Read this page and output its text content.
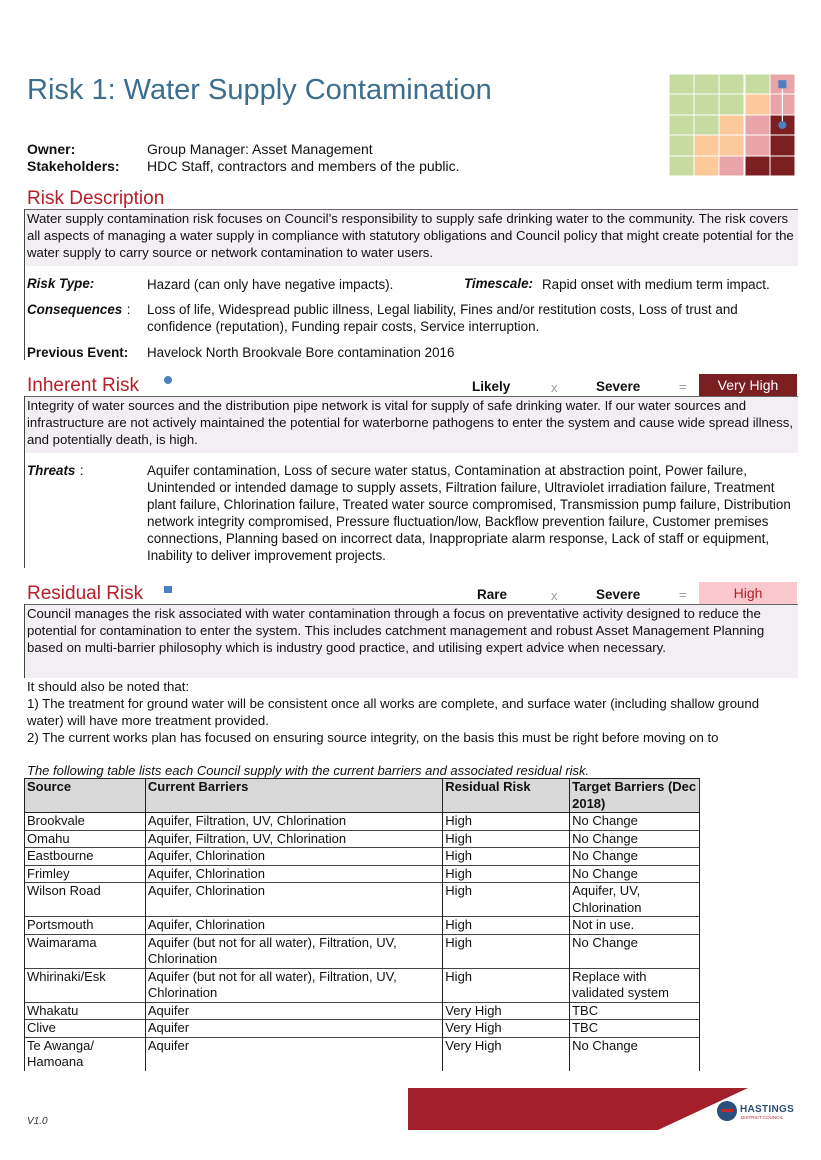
Risk 1: Water Supply Contamination
Owner:	Group Manager: Asset Management
Stakeholders: HDC Staff, contractors and members of the public.
Risk Description
Water supply contamination risk focuses on Council’s responsibility to supply safe drinking water to the community. The risk covers all aspects of managing a water supply in compliance with statutory obligations and Council policy that might create potential for the water supply to carry source or network contamination to water users.
Risk Type:	Hazard (can only have negative impacts).	Timescale: Rapid onset with medium term impact.
Consequences : Loss of life, Widespread public illness, Legal liability, Fines and/or restitution costs, Loss of trust and confidence (reputation), Funding repair costs, Service interruption.
Previous Event: Havelock North Brookvale Bore contamination 2016
Inherent Risk	Likely	x	Severe	=	Very High
Integrity of water sources and the distribution pipe network is vital for supply of safe drinking water. If our water sources and infrastructure are not actively maintained the potential for waterborne pathogens to enter the system and cause wide spread illness, and potentially death, is high.
Threats :	Aquifer contamination, Loss of secure water status, Contamination at abstraction point, Power failure, Unintended or intended damage to supply assets, Filtration failure, Ultraviolet irradiation failure, Treatment plant failure, Chlorination failure, Treated water source compromised, Transmission pump failure, Distribution network integrity compromised, Pressure fluctuation/low, Backflow prevention failure, Customer premises connections, Planning based on incorrect data, Inappropriate alarm response, Lack of staff or equipment, Inability to deliver improvement projects.
Residual Risk	Rare	x	Severe	=	High
Council manages the risk associated with water contamination through a focus on preventative activity designed to reduce the potential for contamination to enter the system. This includes catchment management and robust Asset Management Planning based on multi-barrier philosophy which is industry good practice, and utilising expert advice when necessary.
It should also be noted that:
1) The treatment for ground water will be consistent once all works are complete, and surface water (including shallow ground water) will have more treatment provided.
2) The current works plan has focused on ensuring source integrity, on the basis this must be right before moving on to
The following table lists each Council supply with the current barriers and associated residual risk.
Source	Current Barriers	Residual Risk	Target Barriers (Dec 2018)
Brookvale	Aquifer, Filtration, UV, Chlorination	High	No Change
Omahu	Aquifer, Filtration, UV, Chlorination	High	No Change
Eastbourne	Aquifer, Chlorination	High	No Change
Frimley	Aquifer, Chlorination	High	No Change
Wilson Road	Aquifer, Chlorination	High	Aquifer, UV, Chlorination
Portsmouth	Aquifer, Chlorination	High	Not in use.
Waimarama	Aquifer (but not for all water), Filtration, UV, Chlorination	High	No Change
Whirinaki/Esk	Aquifer (but not for all water), Filtration, UV, Chlorination	High	Replace with validated system
Whakatu	Aquifer	Very High	TBC
Clive	Aquifer	Very High	TBC
Te Awanga/ Hamoana	Aquifer	Very High	No Change
HASTINGS
DISTRICT COUNCIL
V1.0
